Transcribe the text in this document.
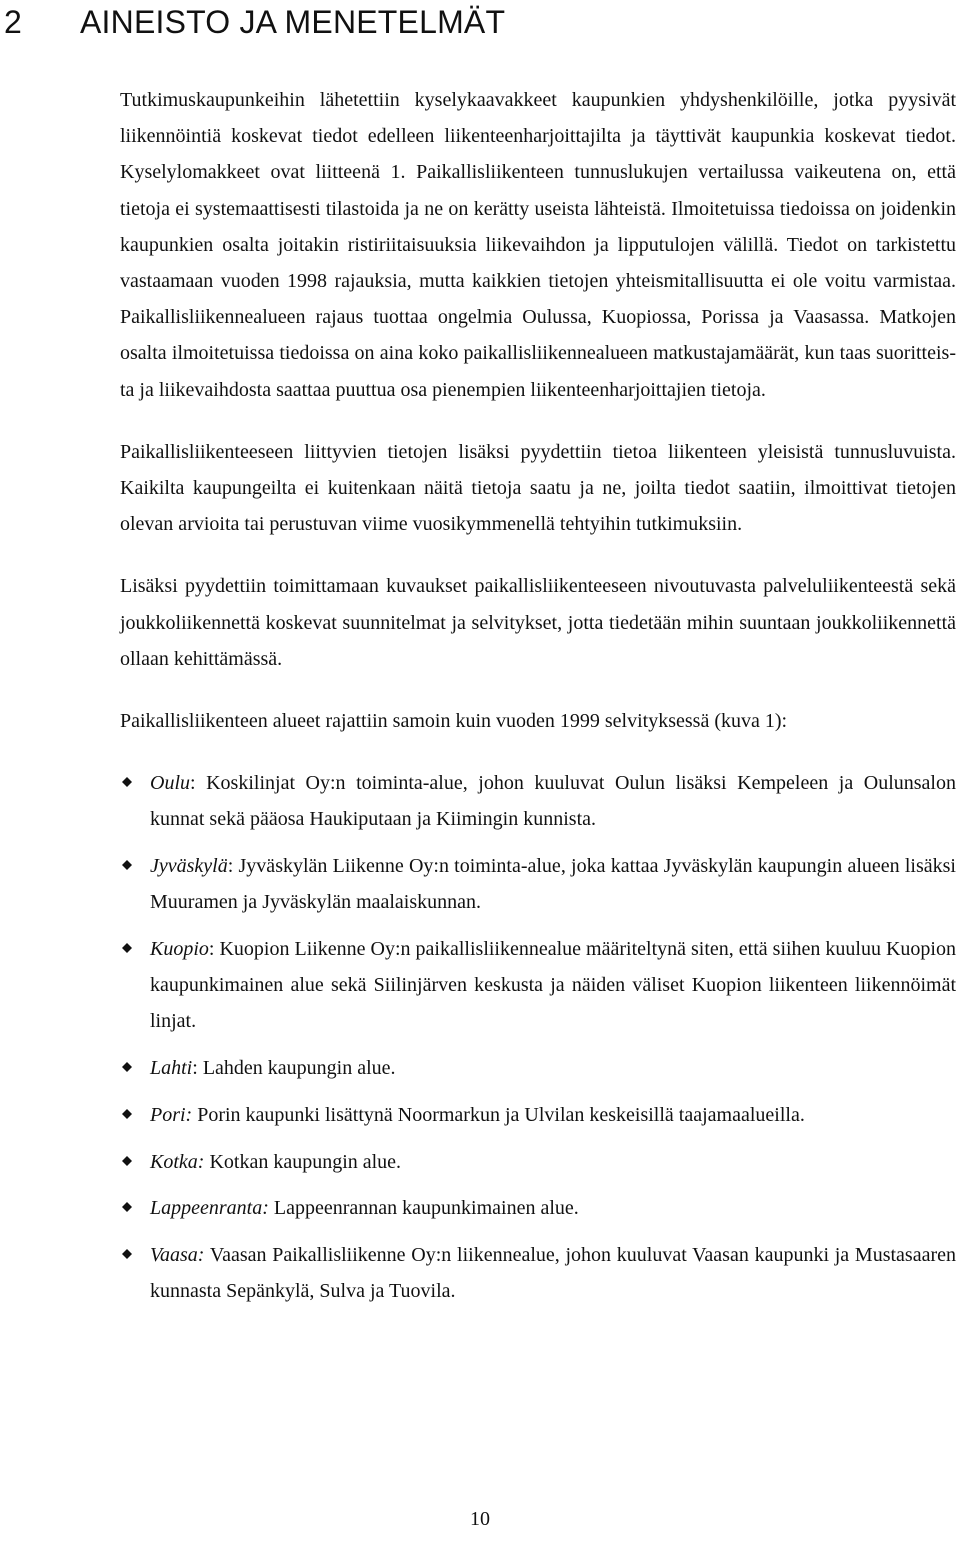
2 AINEISTO JA MENETELMÄT

Tutkimuskaupunkeihin lähetettiin kyselykaavakkeet kaupunkien yhdyshenkilöille, jotka pyysivät liikennöintiä koskevat tiedot edelleen liikenteenharjoittajilta ja täyttivät kaupunkia koskevat tiedot. Kyselylomakkeet ovat liitteenä 1. Paikallisliikenteen tunnuslukujen vertailussa vaikeutena on, että tietoja ei systemaattisesti tilastoida ja ne on kerätty useista lähteistä. Ilmoitetuissa tiedoissa on joidenkin kaupunkien osalta joitakin ristiriitaisuuksia liikevaihdon ja lipputulojen välillä. Tiedot on tarkistettu vastaamaan vuoden 1998 rajauksia, mutta kaikkien tietojen yhteismitallisuutta ei ole voitu varmistaa. Paikallisliikennealueen rajaus tuottaa ongelmia Oulussa, Kuopiossa, Porissa ja Vaasassa. Matkojen osalta ilmoitetuissa tiedoissa on aina koko paikallisliikennealueen matkustajamäärät, kun taas suoritteista ja liikevaihdosta saattaa puuttua osa pienempien liikenteenharjoittajien tietoja.

Paikallisliikenteeseen liittyvien tietojen lisäksi pyydettiin tietoa liikenteen yleisistä tunnusluvuista. Kaikilta kaupungeilta ei kuitenkaan näitä tietoja saatu ja ne, joilta tiedot saatiin, ilmoittivat tietojen olevan arvioita tai perustuvan viime vuosikymmenellä tehtyihin tutkimuksiin.

Lisäksi pyydettiin toimittamaan kuvaukset paikallisliikenteeseen nivoutuvasta palveluliikenteestä sekä joukkoliikennettä koskevat suunnitelmat ja selvitykset, jotta tiedetään mihin suuntaan joukkoliikennettä ollaan kehittämässä.

Paikallisliikenteen alueet rajattiin samoin kuin vuoden 1999 selvityksessä (kuva 1):

Oulu: Koskilinjat Oy:n toiminta-alue, johon kuuluvat Oulun lisäksi Kempeleen ja Oulunsalon kunnat sekä pääosa Haukiputaan ja Kiimingin kunnista.
Jyväskylä: Jyväskylän Liikenne Oy:n toiminta-alue, joka kattaa Jyväskylän kaupungin alueen lisäksi Muuramen ja Jyväskylän maalaiskunnan.
Kuopio: Kuopion Liikenne Oy:n paikallisliikennealue määriteltynä siten, että siihen kuuluu Kuopion kaupunkimainen alue sekä Siilinjärven keskusta ja näiden väliset Kuopion liikenteen liikennöimät linjat.
Lahti: Lahden kaupungin alue.
Pori: Porin kaupunki lisättynä Noormarkun ja Ulvilan keskeisillä taajamaalueilla.
Kotka: Kotkan kaupungin alue.
Lappeenranta: Lappeenrannan kaupunkimainen alue.
Vaasa: Vaasan Paikallisliikenne Oy:n liikennealue, johon kuuluvat Vaasan kaupunki ja Mustasaaren kunnasta Sepänkylä, Sulva ja Tuovila.
10
